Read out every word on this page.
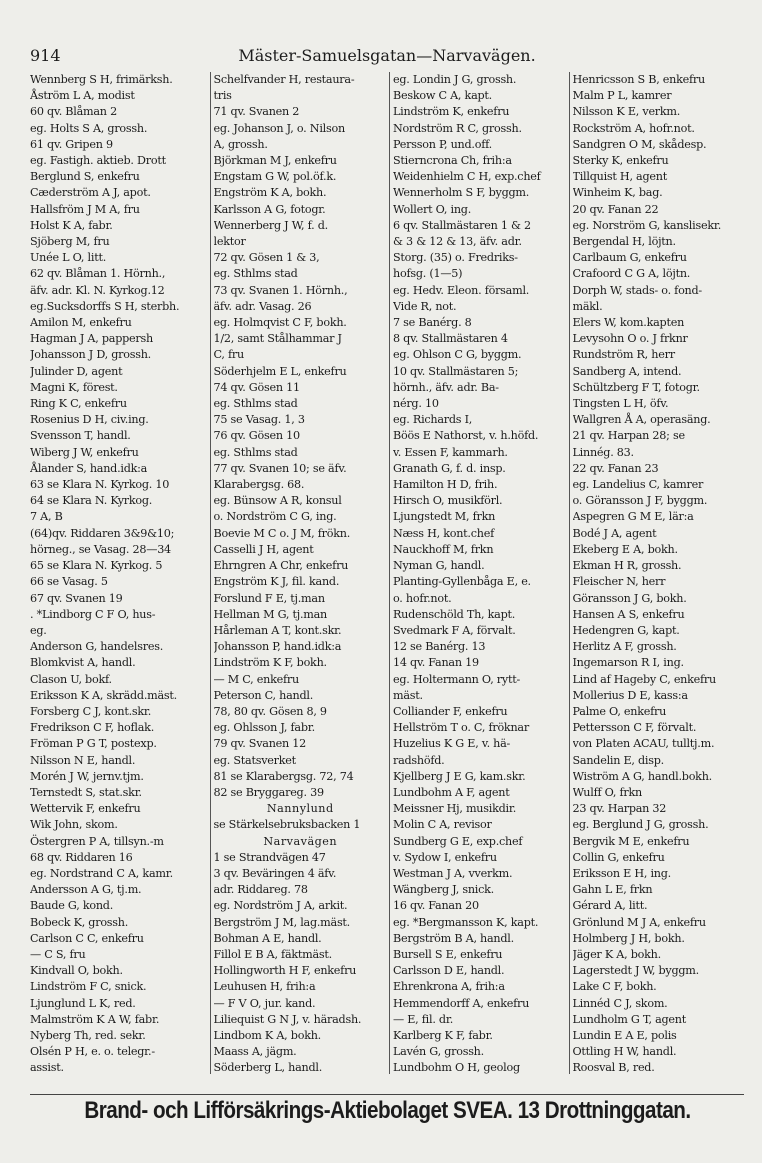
914	Mäster-Samuelsgatan—Narvavägen.
Wennberg S H, frimärksh.
Åström L A, modist
60 qv. Blåman 2
eg. Holts S A, grossh.
61 qv. Gripen 9
eg. Fastigh. aktieb. Drott
Berglund S, enkefru
Cæderström A J, apot.
Hallsfröm J M A, fru
Holst K A, fabr.
Sjöberg M, fru
Unée L O, litt.
62 qv. Blåman 1. Hörnh.,
äfv. adr. Kl. N. Kyrkog.12
eg.Sucksdorffs S H, sterbh.
Amilon M, enkefru
Hagman J A, pappersh
Johansson J D, grossh.
Julinder D, agent
Magni K, förest.
Ring K C, enkefru
Rosenius D H, civ.ing.
Svensson T, handl.
Wiberg J W, enkefru
Ålander S, hand.idk:a
63 se Klara N. Kyrkog. 10
64 se Klara N. Kyrkog.
7 A, B
(64)qv. Riddaren 3&9&10;
hörneg., se Vasag. 28—34
65 se Klara N. Kyrkog. 5
66 se Vasag. 5
67 qv. Svanen 19
. *Lindborg C F O, hus-
eg.
Anderson G, handelsres.
Blomkvist A, handl.
Clason U, bokf.
Eriksson K A, skrädd.mäst.
Forsberg C J, kont.skr.
Fredrikson C F, hoflak.
Fröman P G T, postexp.
Nilsson N E, handl.
Morén J W, jernv.tjm.
Ternstedt S, stat.skr.
Wettervik F, enkefru
Wik John, skom.
Östergren P A, tillsyn.-m
68 qv. Riddaren 16
eg. Nordstrand C A, kamr.
Andersson A G, tj.m.
Baude G, kond.
Bobeck K, grossh.
Carlson C C, enkefru
— C S, fru
Kindvall O, bokh.
Lindström F C, snick.
Ljunglund L K, red.
Malmström K A W, fabr.
Nyberg Th, red. sekr.
Olsén P H, e. o. telegr.-
assist.
Schelfvander H, restaura-
tris
71 qv. Svanen 2
eg. Johanson J, o. Nilson
A, grossh.
Björkman M J, enkefru
Engstam G W, pol.öf.k.
Engström K A, bokh.
Karlsson A G, fotogr.
Wennerberg J W, f. d.
lektor
72 qv. Gösen 1 & 3,
eg. Sthlms stad
73 qv. Svanen 1. Hörnh.,
äfv. adr. Vasag. 26
eg. Holmqvist C F, bokh.
1/2, samt Stålhammar J
C, fru
Söderhjelm E L, enkefru
74 qv. Gösen 11
eg. Sthlms stad
75 se Vasag. 1, 3
76 qv. Gösen 10
eg. Sthlms stad
77 qv. Svanen 10; se äfv.
Klarabergsg. 68.
eg. Bünsow A R, konsul
o. Nordström C G, ing.
Boevie M C o. J M, frökn.
Casselli J H, agent
Ehrngren A Chr, enkefru
Engström K J, fil. kand.
Forslund F E, tj.man
Hellman M G, tj.man
Hårleman A T, kont.skr.
Johansson P, hand.idk:a
Lindström K F, bokh.
— M C, enkefru
Peterson C, handl.
78, 80 qv. Gösen 8, 9
eg. Ohlsson J, fabr.
79 qv. Svanen 12
eg. Statsverket
81 se Klarabergsg. 72, 74
82 se Bryggareg. 39
Nannylund
se Stärkelsebruksbacken 1
Narvavägen
1 se Strandvägen 47
3 qv. Beväringen 4 äfv.
adr. Riddareg. 78
eg. Nordström J A, arkit.
Bergström J M, lag.mäst.
Bohman A E, handl.
Fillol E B A, fäktmäst.
Hollingworth H F, enkefru
Leuhusen H, frih:a
— F V O, jur. kand.
Liliequist G N J, v. häradsh.
Lindbom K A, bokh.
Maass A, jägm.
Söderberg L, handl.
eg. Londin J G, grossh.
Beskow C A, kapt.
Lindström K, enkefru
Nordström R C, grossh.
Persson P, und.off.
Stierncrona Ch, frih:a
Weidenhielm C H, exp.chef
Wennerholm S F, byggm.
Wollert O, ing.
6 qv. Stallmästaren 1 & 2
& 3 & 12 & 13, äfv. adr.
Storg. (35) o. Fredriks-
hofsg. (1—5)
eg. Hedv. Eleon. församl.
Vide R, not.
7 se Banérg. 8
8 qv. Stallmästaren 4
eg. Ohlson C G, byggm.
10 qv. Stallmästaren 5;
hörnh., äfv. adr. Ba-
nérg. 10
eg. Richards I,
Böös E Nathorst, v. h.höfd.
v. Essen F, kammarh.
Granath G, f. d. insp.
Hamilton H D, frih.
Hirsch O, musikförl.
Ljungstedt M, frkn
Næss H, kont.chef
Nauckhoff M, frkn
Nyman G, handl.
Planting-Gyllenbåga E, e.
o. hofr.not.
Rudenschöld Th, kapt.
Svedmark F A, förvalt.
12 se Banérg. 13
14 qv. Fanan 19
eg. Holtermann O, rytt-
mäst.
Colliander F, enkefru
Hellström T o. C, fröknar
Huzelius K G E, v. hä-
radshöfd.
Kjellberg J E G, kam.skr.
Lundbohm A F, agent
Meissner Hj, musikdir.
Molin C A, revisor
Sundberg G E, exp.chef
v. Sydow I, enkefru
Westman J A, vverkm.
Wängberg J, snick.
16 qv. Fanan 20
eg. *Bergmansson K, kapt.
Bergström B A, handl.
Bursell S E, enkefru
Carlsson D E, handl.
Ehrenkrona A, frih:a
Hemmendorff A, enkefru
— E, fil. dr.
Karlberg K F, fabr.
Lavén G, grossh.
Lundbohm O H, geolog
Henricsson S B, enkefru
Malm P L, kamrer
Nilsson K E, verkm.
Rockström A, hofr.not.
Sandgren O M, skådesp.
Sterky K, enkefru
Tillquist H, agent
Winheim K, bag.
20 qv. Fanan 22
eg. Norström G, kanslisekr.
Bergendal H, löjtn.
Carlbaum G, enkefru
Crafoord C G A, löjtn.
Dorph W, stads- o. fond-
mäkl.
Elers W, kom.kapten
Levysohn O o. J frknr
Rundström R, herr
Sandberg A, intend.
Schültzberg F T, fotogr.
Tingsten L H, öfv.
Wallgren Å A, operasäng.
21 qv. Harpan 28; se
Linnég. 83.
22 qv. Fanan 23
eg. Landelius C, kamrer
o. Göransson J F, byggm.
Aspegren G M E, lär:a
Bodé J A, agent
Ekeberg E A, bokh.
Ekman H R, grossh.
Fleischer N, herr
Göransson J G, bokh.
Hansen A S, enkefru
Hedengren G, kapt.
Herlitz A F, grossh.
Ingemarson R I, ing.
Lind af Hageby C, enkefru
Mollerius D E, kass:a
Palme O, enkefru
Pettersson C F, förvalt.
von Platen ACAU, tulltj.m.
Sandelin E, disp.
Wiström A G, handl.bokh.
Wulff O, frkn
23 qv. Harpan 32
eg. Berglund J G, grossh.
Bergvik M E, enkefru
Collin G, enkefru
Eriksson E H, ing.
Gahn L E, frkn
Gérard A, litt.
Grönlund M J A, enkefru
Holmberg J H, bokh.
Jäger K A, bokh.
Lagerstedt J W, byggm.
Lake C F, bokh.
Linnéd C J, skom.
Lundholm G T, agent
Lundin E A E, polis
Ottling H W, handl.
Roosval B, red.
Brand- och Lifförsäkrings-Aktiebolaget SVEA. 13 Drottninggatan.
